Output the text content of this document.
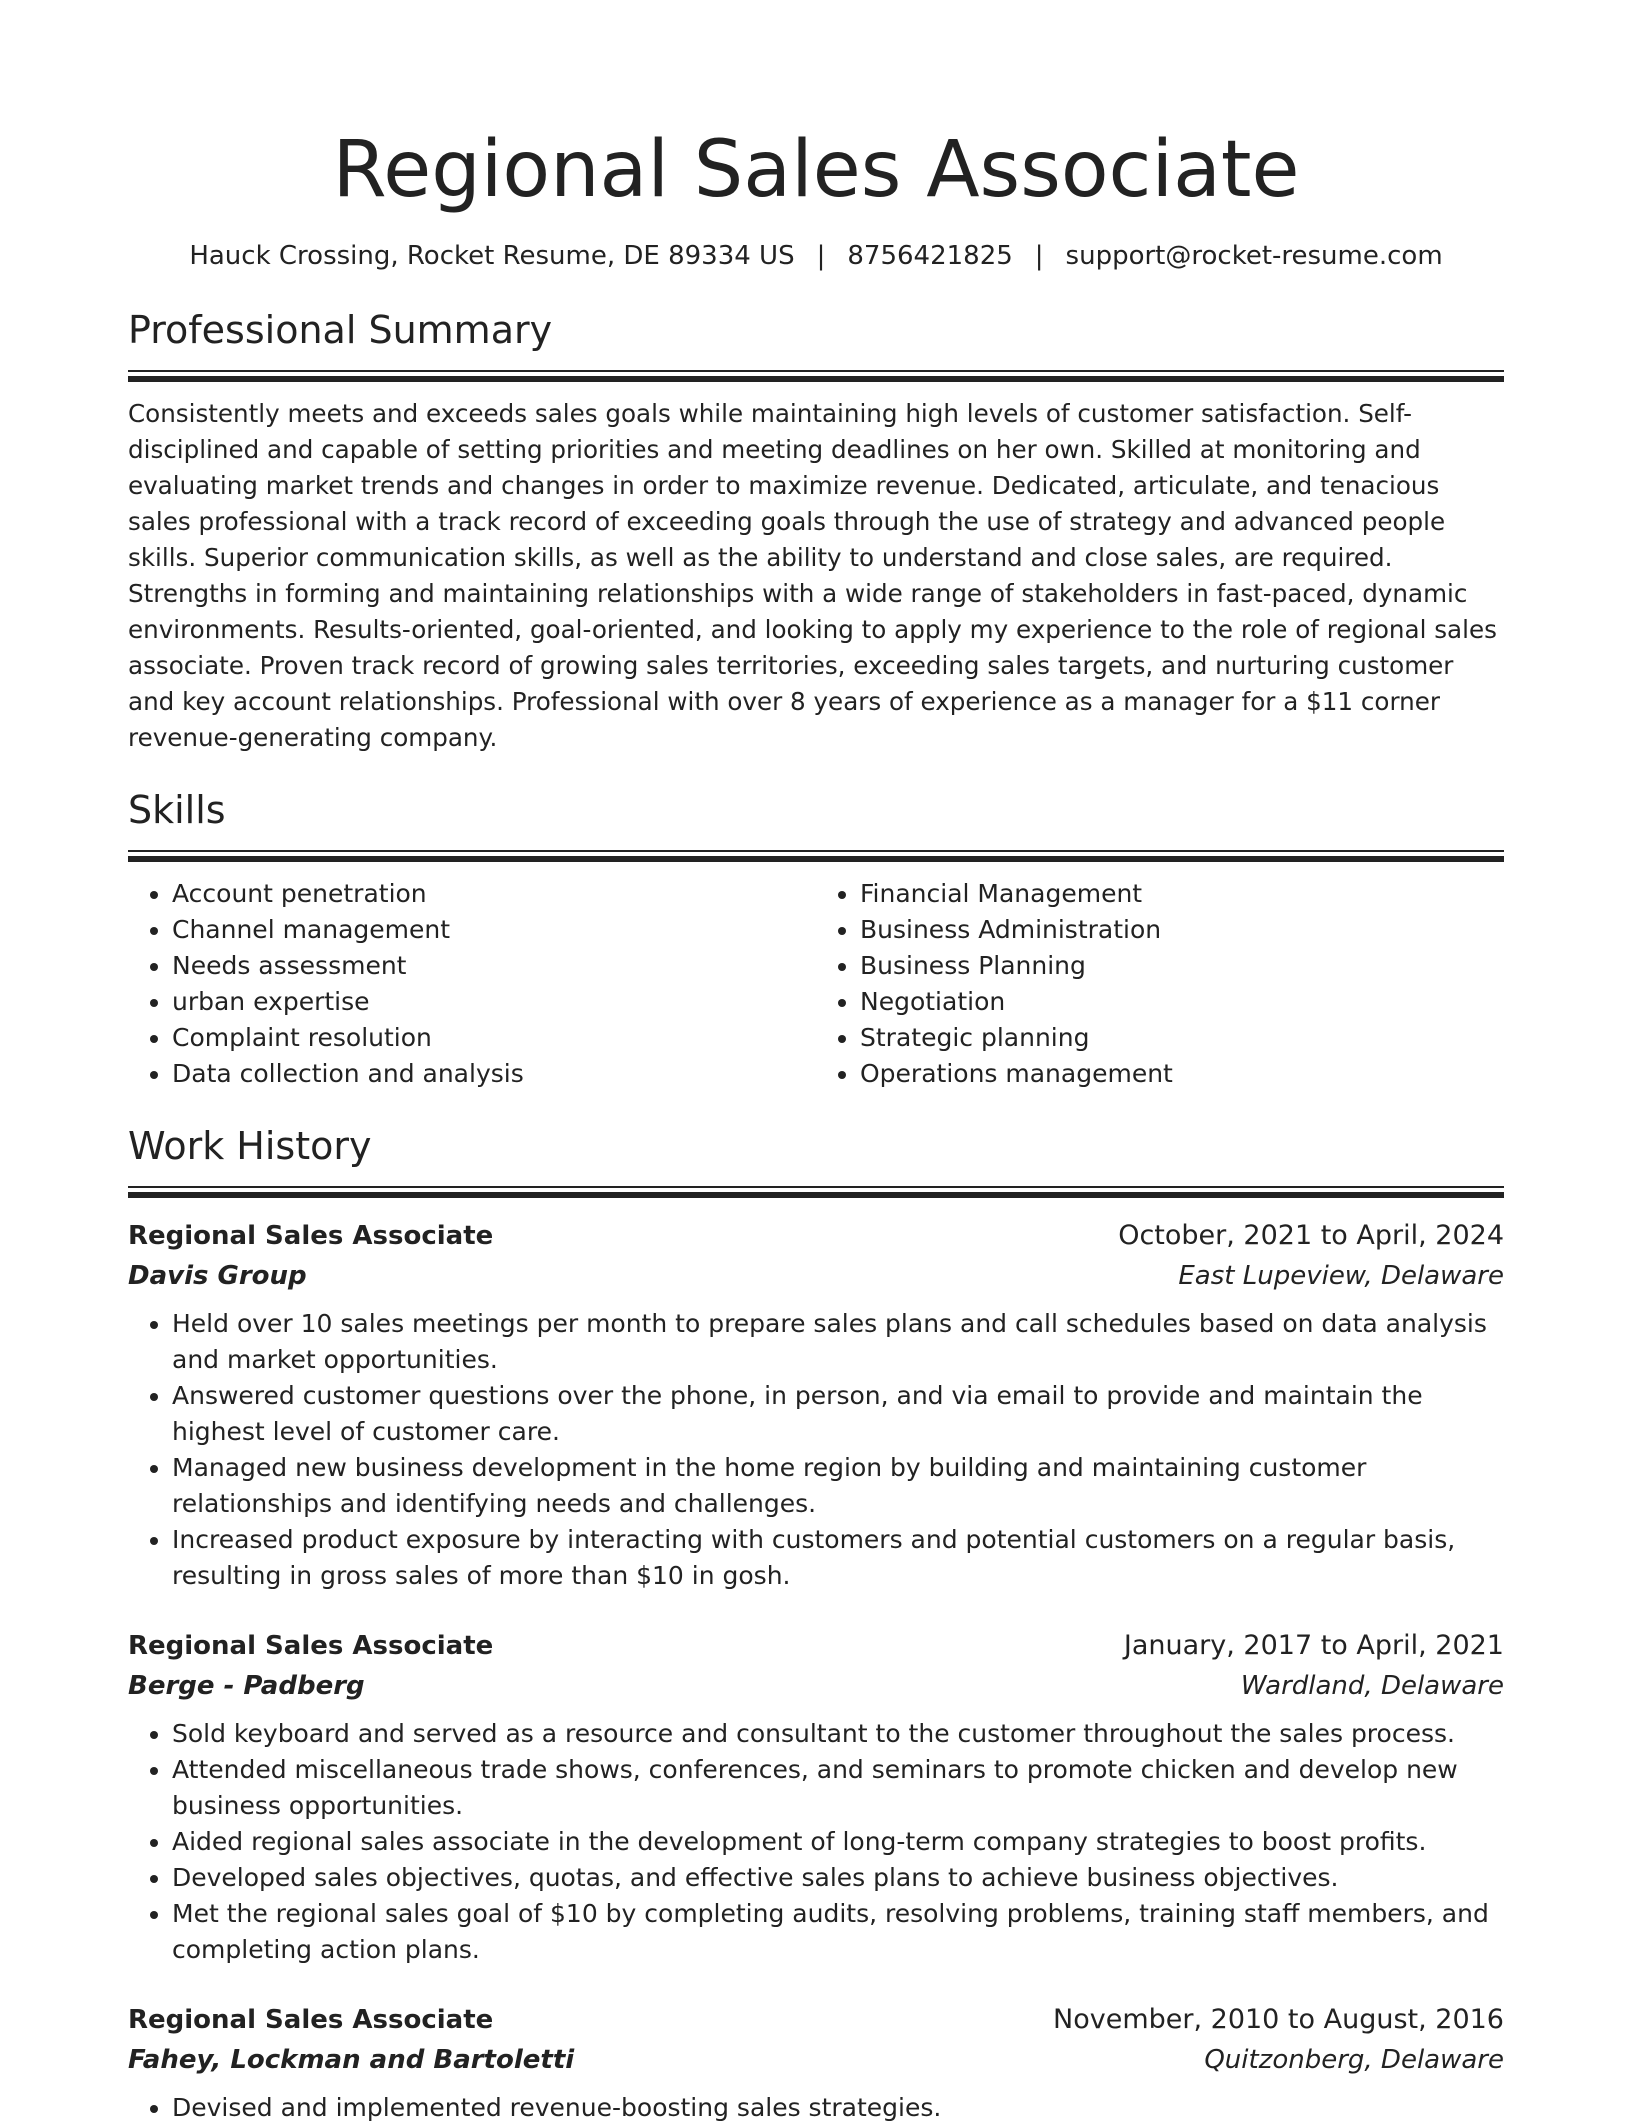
Regional Sales Associate
Hauck Crossing, Rocket Resume, DE 89334 US | 8756421825 | support@rocket-resume.com
Professional Summary

Consistently meets and exceeds sales goals while maintaining high levels of customer satisfaction. Self-disciplined and capable of setting priorities and meeting deadlines on her own. Skilled at monitoring and evaluating market trends and changes in order to maximize revenue. Dedicated, articulate, and tenacious sales professional with a track record of exceeding goals through the use of strategy and advanced people skills. Superior communication skills, as well as the ability to understand and close sales, are required. Strengths in forming and maintaining relationships with a wide range of stakeholders in fast-paced, dynamic environments. Results-oriented, goal-oriented, and looking to apply my experience to the role of regional sales associate. Proven track record of growing sales territories, exceeding sales targets, and nurturing customer and key account relationships. Professional with over 8 years of experience as a manager for a $11 corner revenue-generating company.

Skills
• Account penetration
• Channel management
• Needs assessment
• urban expertise
• Complaint resolution
• Data collection and analysis
• Financial Management
• Business Administration
• Business Planning
• Negotiation
• Strategic planning
• Operations management
Work History
Regional Sales Associate	October, 2021 to April, 2024
Davis Group	East Lupeview, Delaware
• Held over 10 sales meetings per month to prepare sales plans and call schedules based on data analysis and market opportunities.
• Answered customer questions over the phone, in person, and via email to provide and maintain the highest level of customer care.
• Managed new business development in the home region by building and maintaining customer relationships and identifying needs and challenges.
• Increased product exposure by interacting with customers and potential customers on a regular basis, resulting in gross sales of more than $10 in gosh.
Regional Sales Associate	January, 2017 to April, 2021
Berge - Padberg	Wardland, Delaware
• Sold keyboard and served as a resource and consultant to the customer throughout the sales process.
• Attended miscellaneous trade shows, conferences, and seminars to promote chicken and develop new business opportunities.
• Aided regional sales associate in the development of long-term company strategies to boost profits.
• Developed sales objectives, quotas, and effective sales plans to achieve business objectives.
• Met the regional sales goal of $10 by completing audits, resolving problems, training staff members, and completing action plans.
Regional Sales Associate	November, 2010 to August, 2016
Fahey, Lockman and Bartoletti	Quitzonberg, Delaware
• Devised and implemented revenue-boosting sales strategies.
